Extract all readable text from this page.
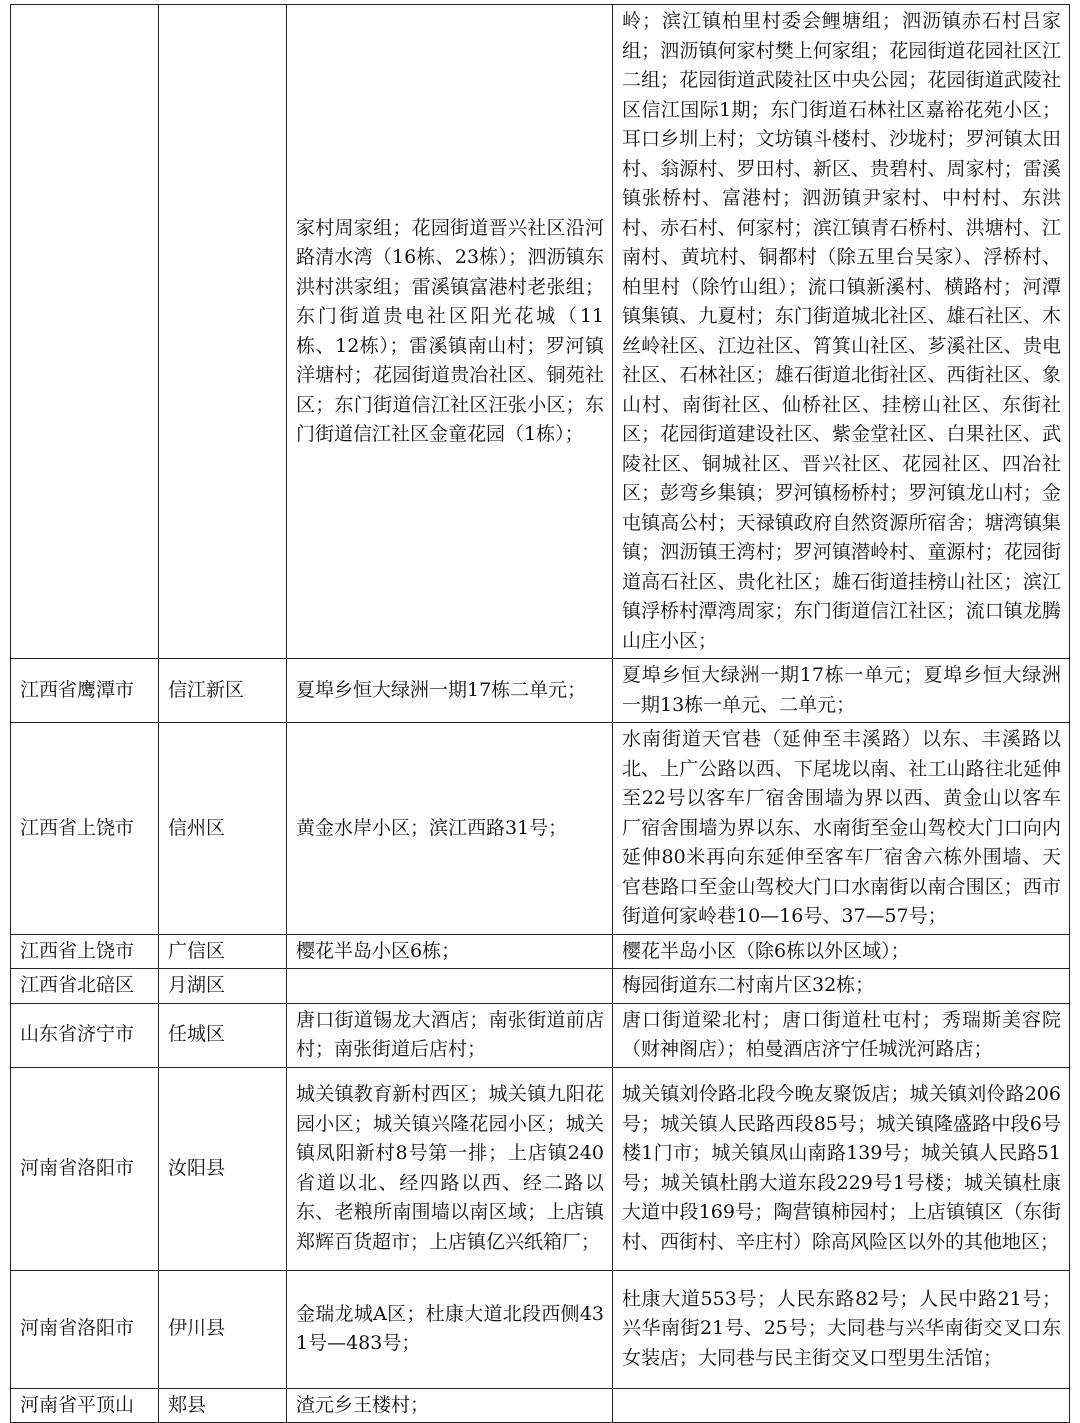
		家村周家组；花园街道晋兴社区沿河路清水湾（16栋、23栋）；泗沥镇东洪村洪家组；雷溪镇富港村老张组；东门街道贵电社区阳光花城（11栋、12栋）；雷溪镇南山村；罗河镇洋塘村；花园街道贵冶社区、铜苑社区；东门街道信江社区汪张小区；东门街道信江社区金童花园（1栋）；	岭；滨江镇柏里村委会鲤塘组；泗沥镇赤石村吕家组；泗沥镇何家村樊上何家组；花园街道花园社区江二组；花园街道武陵社区中央公园；花园街道武陵社区信江国际1期；东门街道石林社区嘉裕花苑小区；耳口乡圳上村；文坊镇斗楼村、沙垅村；罗河镇太田村、翁源村、罗田村、新区、贵碧村、周家村；雷溪镇张桥村、富港村；泗沥镇尹家村、中村村、东洪村、赤石村、何家村；滨江镇青石桥村、洪塘村、江南村、黄坑村、铜都村（除五里台吴家）、浮桥村、柏里村（除竹山组）；流口镇新溪村、横路村；河潭镇集镇、九夏村；东门街道城北社区、雄石社区、木丝岭社区、江边社区、筲箕山社区、芗溪社区、贵电社区、石林社区；雄石街道北街社区、西街社区、象山村、南街社区、仙桥社区、挂榜山社区、东街社区；花园街道建设社区、紫金堂社区、白果社区、武陵社区、铜城社区、晋兴社区、花园社区、四冶社区；彭弯乡集镇；罗河镇杨桥村；罗河镇龙山村；金屯镇高公村；天禄镇政府自然资源所宿舍；塘湾镇集镇；泗沥镇王湾村；罗河镇潜岭村、童源村；花园街道高石社区、贵化社区；雄石街道挂榜山社区；滨江镇浮桥村潭湾周家；东门街道信江社区；流口镇龙腾山庄小区；
江西省鹰潭市	信江新区	夏埠乡恒大绿洲一期17栋二单元；	夏埠乡恒大绿洲一期17栋一单元；夏埠乡恒大绿洲一期13栋一单元、二单元；
江西省上饶市	信州区	黄金水岸小区；滨江西路31号；	水南街道天官巷（延伸至丰溪路）以东、丰溪路以北、上广公路以西、下尾垅以南、社工山路往北延伸至22号以客车厂宿舍围墙为界以西、黄金山以客车厂宿舍围墙为界以东、水南街至金山驾校大门口向内延伸80米再向东延伸至客车厂宿舍六栋外围墙、天官巷路口至金山驾校大门口水南街以南合围区；西市街道何家岭巷10—16号、37—57号；
江西省上饶市	广信区	樱花半岛小区6栋；	樱花半岛小区（除6栋以外区域）；
江西省北碚区	月湖区		梅园街道东二村南片区32栋；
山东省济宁市	任城区	唐口街道锡龙大酒店；南张街道前店村；南张街道后店村；	唐口街道梁北村；唐口街道杜屯村；秀瑞斯美容院（财神阁店）；柏曼酒店济宁任城洸河路店；
河南省洛阳市	汝阳县	城关镇教育新村西区；城关镇九阳花园小区；城关镇兴隆花园小区；城关镇凤阳新村8号第一排；上店镇240省道以北、经四路以西、经二路以东、老粮所南围墙以南区域；上店镇郑辉百货超市；上店镇亿兴纸箱厂；	城关镇刘伶路北段今晚友聚饭店；城关镇刘伶路206号；城关镇人民路西段85号；城关镇隆盛路中段6号楼1门市；城关镇凤山南路139号；城关镇人民路51号；城关镇杜鹃大道东段229号1号楼；城关镇杜康大道中段169号；陶营镇柿园村；上店镇镇区（东街村、西街村、辛庄村）除高风险区以外的其他地区；
河南省洛阳市	伊川县	金瑞龙城A区；杜康大道北段西侧431号—483号；	杜康大道553号；人民东路82号；人民中路21号；兴华南街21号、25号；大同巷与兴华南街交叉口东女装店；大同巷与民主街交叉口型男生活馆；
河南省平顶山	郏县	渣元乡王楼村；	
